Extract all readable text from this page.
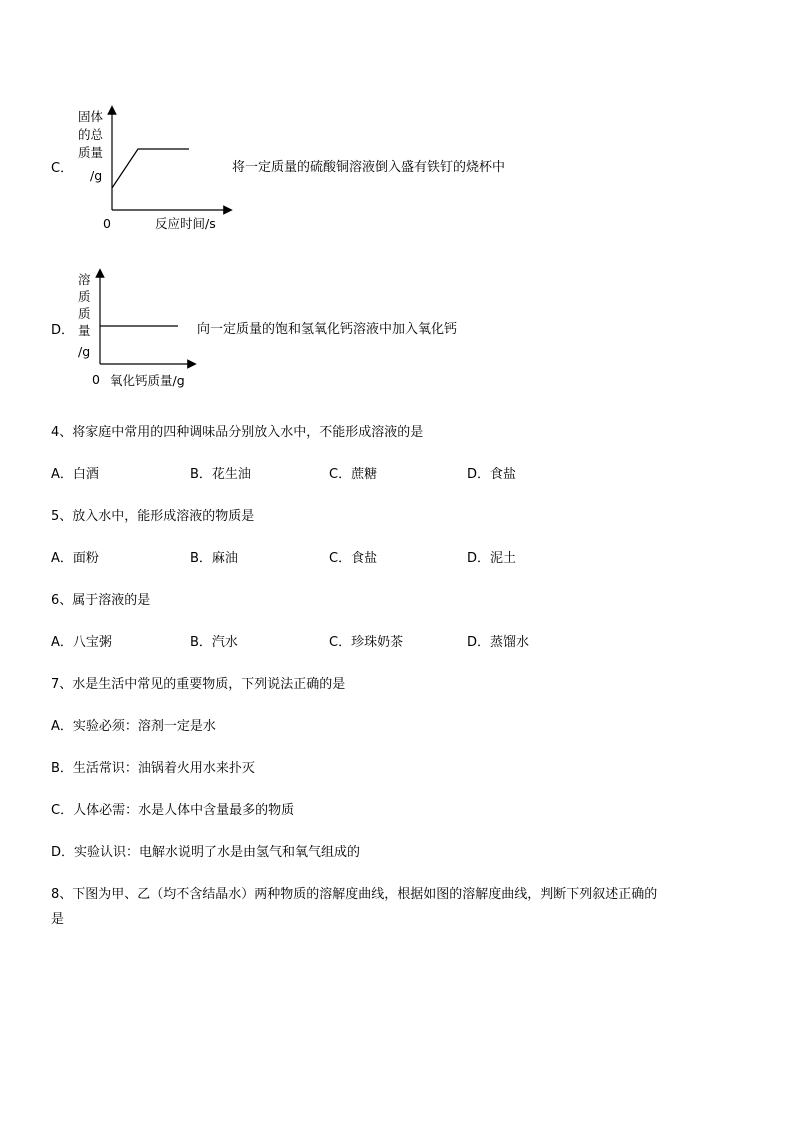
C．
固体
的总
质量
/g
0	反应时间/s
将一定质量的硫酸铜溶液倒入盛有铁钉的烧杯中
D．
溶
质
质
量
/g
0 氧化钙质量/g
向一定质量的饱和氢氧化钙溶液中加入氧化钙
4、将家庭中常用的四种调味品分别放入水中，不能形成溶液的是
A．白酒	B．花生油	C．蔗糖	D．食盐
5、放入水中，能形成溶液的物质是
A．面粉	B．麻油	C．食盐	D．泥土
6、属于溶液的是
A．八宝粥	B．汽水	C．珍珠奶茶	D．蒸馏水
7、水是生活中常见的重要物质，下列说法正确的是
A．实验必须：溶剂一定是水
B．生活常识：油锅着火用水来扑灭
C．人体必需：水是人体中含量最多的物质
D．实验认识：电解水说明了水是由氢气和氧气组成的
8、下图为甲、乙（均不含结晶水）两种物质的溶解度曲线，根据如图的溶解度曲线，判断下列叙述正确的
是
